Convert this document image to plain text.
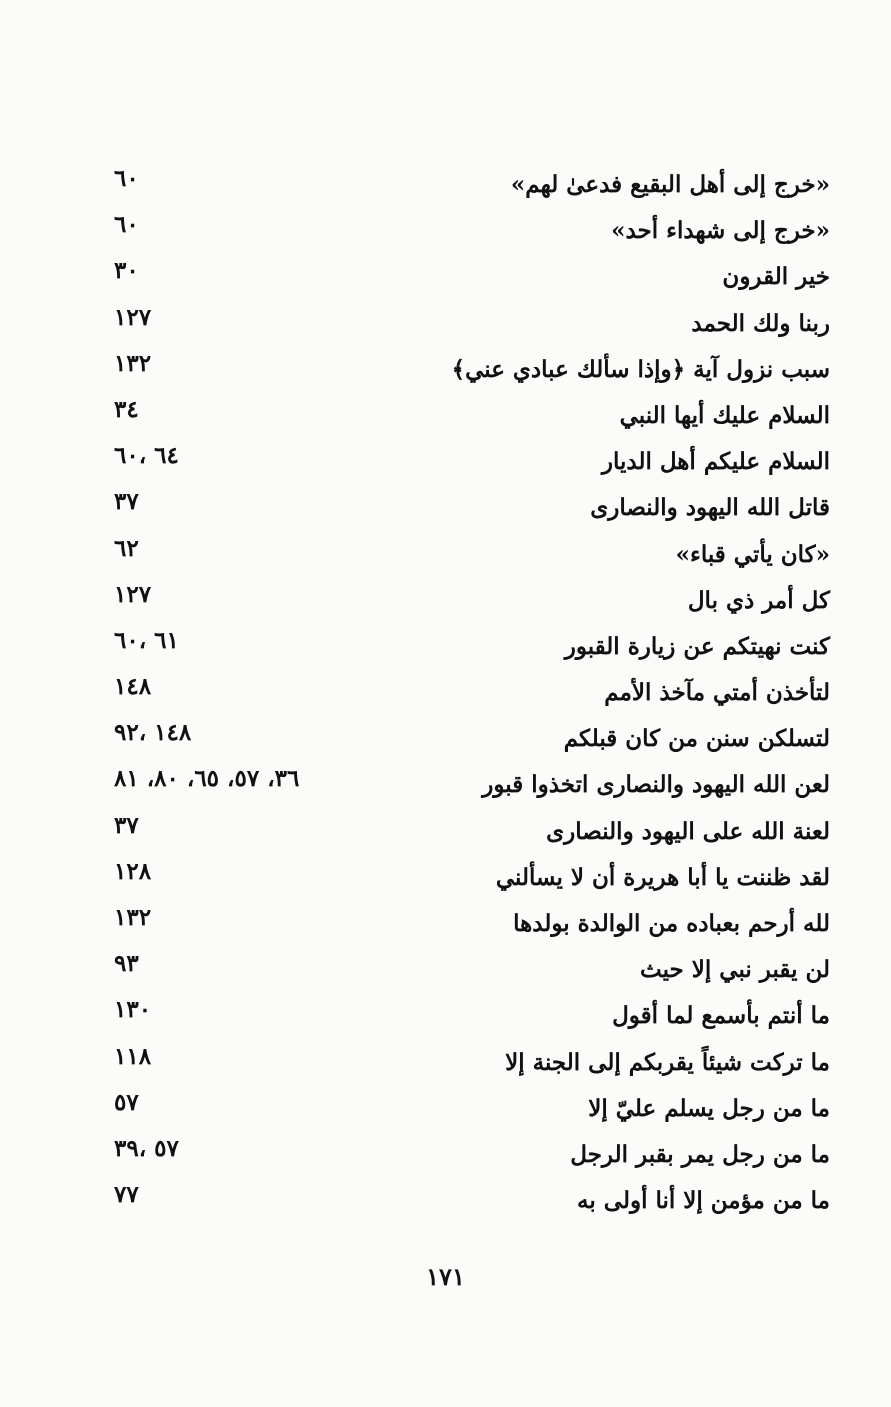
«خرج إلى أهل البقيع فدعىٰ لهم»
٦٠
«خرج إلى شهداء أحد»
٦٠
خير القرون
٣٠
ربنا ولك الحمد
١٢٧
سبب نزول آية ﴿وإذا سألك عبادي عني﴾
١٣٢
السلام عليك أيها النبي
٣٤
السلام عليكم أهل الديار
٦٤ ،٦٠
قاتل الله اليهود والنصارى
٣٧
«كان يأتي قباء»
٦٢
كل أمر ذي بال
١٢٧
كنت نهيتكم عن زيارة القبور
٦١ ،٦٠
لتأخذن أمتي مآخذ الأمم
١٤٨
لتسلكن سنن من كان قبلكم
١٤٨ ،٩٢
لعن الله اليهود والنصارى اتخذوا قبور
٣٦، ٥٧، ٦٥، ٨٠، ٨١
لعنة الله على اليهود والنصارى
٣٧
لقد ظننت يا أبا هريرة أن لا يسألني
١٢٨
لله أرحم بعباده من الوالدة بولدها
١٣٢
لن يقبر نبي إلا حيث
٩٣
ما أنتم بأسمع لما أقول
١٣٠
ما تركت شيئاً يقربكم إلى الجنة إلا
١١٨
ما من رجل يسلم عليّ إلا
٥٧
ما من رجل يمر بقبر الرجل
٥٧ ،٣٩
ما من مؤمن إلا أنا أولى به
٧٧
١٧١
